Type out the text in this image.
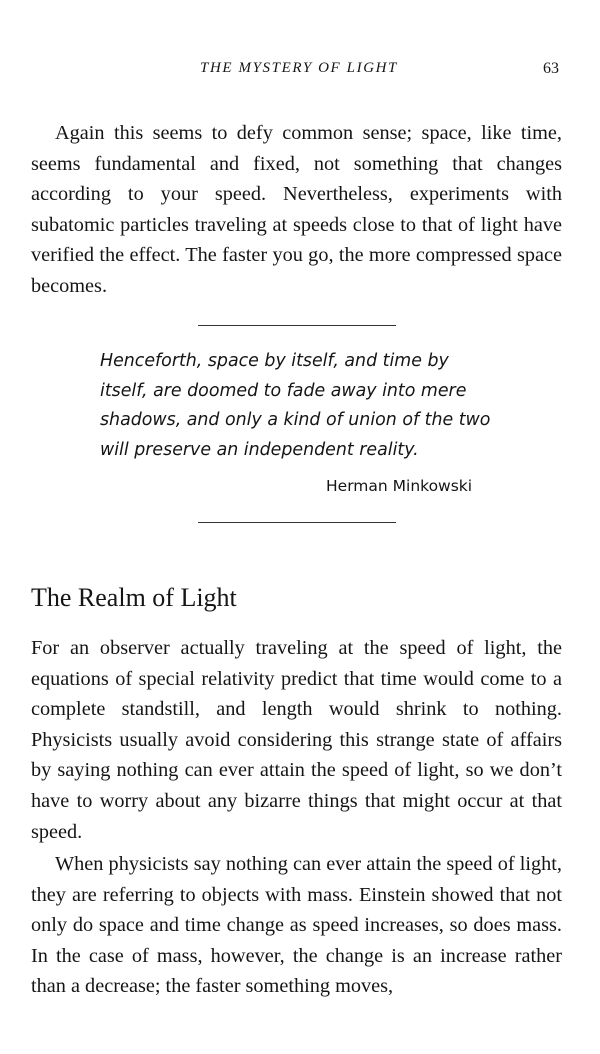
THE MYSTERY OF LIGHT	63

Again this seems to defy common sense; space, like time, seems fundamental and fixed, not something that changes according to your speed. Nevertheless, experiments with subatomic particles traveling at speeds close to that of light have verified the effect. The faster you go, the more compressed space becomes.

Henceforth, space by itself, and time by itself, are doomed to fade away into mere shadows, and only a kind of union of the two will preserve an independent reality.

Herman Minkowski
The Realm of Light

For an observer actually traveling at the speed of light, the equations of special relativity predict that time would come to a complete standstill, and length would shrink to nothing. Physicists usually avoid considering this strange state of affairs by saying nothing can ever attain the speed of light, so we don’t have to worry about any bizarre things that might occur at that speed.

When physicists say nothing can ever attain the speed of light, they are referring to objects with mass. Einstein showed that not only do space and time change as speed increases, so does mass. In the case of mass, however, the change is an increase rather than a decrease; the faster something moves,
